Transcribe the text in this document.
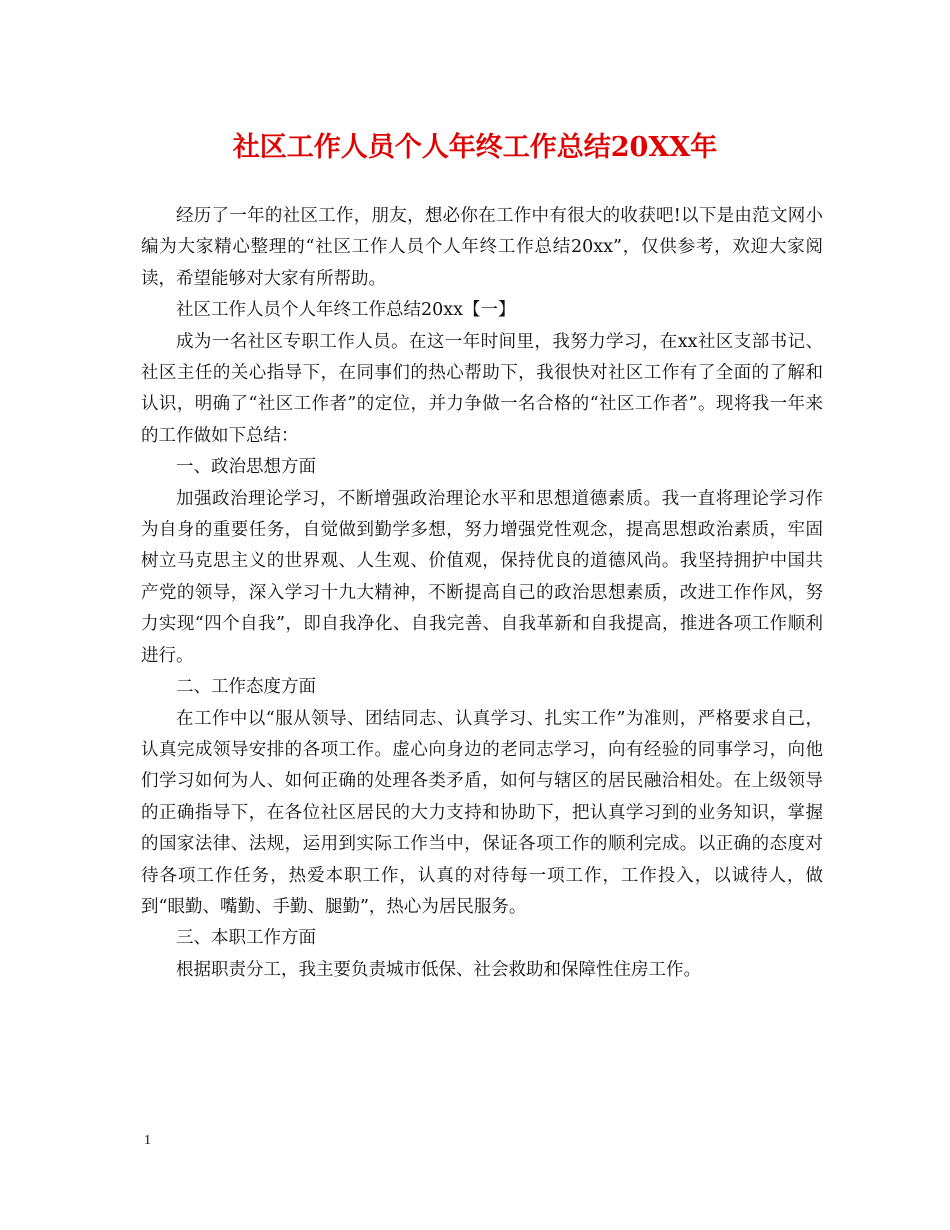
社区工作人员个人年终工作总结20XX年

经历了一年的社区工作，朋友，想必你在工作中有很大的收获吧!以下是由范文网小编为大家精心整理的“社区工作人员个人年终工作总结20xx”，仅供参考，欢迎大家阅读，希望能够对大家有所帮助。

社区工作人员个人年终工作总结20xx【一】

成为一名社区专职工作人员。在这一年时间里，我努力学习，在xx社区支部书记、社区主任的关心指导下，在同事们的热心帮助下，我很快对社区工作有了全面的了解和认识，明确了“社区工作者”的定位，并力争做一名合格的“社区工作者”。现将我一年来的工作做如下总结：

一、政治思想方面

加强政治理论学习，不断增强政治理论水平和思想道德素质。我一直将理论学习作为自身的重要任务，自觉做到勤学多想，努力增强党性观念，提高思想政治素质，牢固树立马克思主义的世界观、人生观、价值观，保持优良的道德风尚。我坚持拥护中国共产党的领导，深入学习十九大精神，不断提高自己的政治思想素质，改进工作作风，努力实现“四个自我”，即自我净化、自我完善、自我革新和自我提高，推进各项工作顺利进行。

二、工作态度方面

在工作中以“服从领导、团结同志、认真学习、扎实工作”为准则，严格要求自己，认真完成领导安排的各项工作。虚心向身边的老同志学习，向有经验的同事学习，向他们学习如何为人、如何正确的处理各类矛盾，如何与辖区的居民融洽相处。在上级领导的正确指导下，在各位社区居民的大力支持和协助下，把认真学习到的业务知识，掌握的国家法律、法规，运用到实际工作当中，保证各项工作的顺利完成。以正确的态度对待各项工作任务，热爱本职工作，认真的对待每一项工作，工作投入，以诚待人，做到“眼勤、嘴勤、手勤、腿勤”，热心为居民服务。

三、本职工作方面

根据职责分工，我主要负责城市低保、社会救助和保障性住房工作。

1
